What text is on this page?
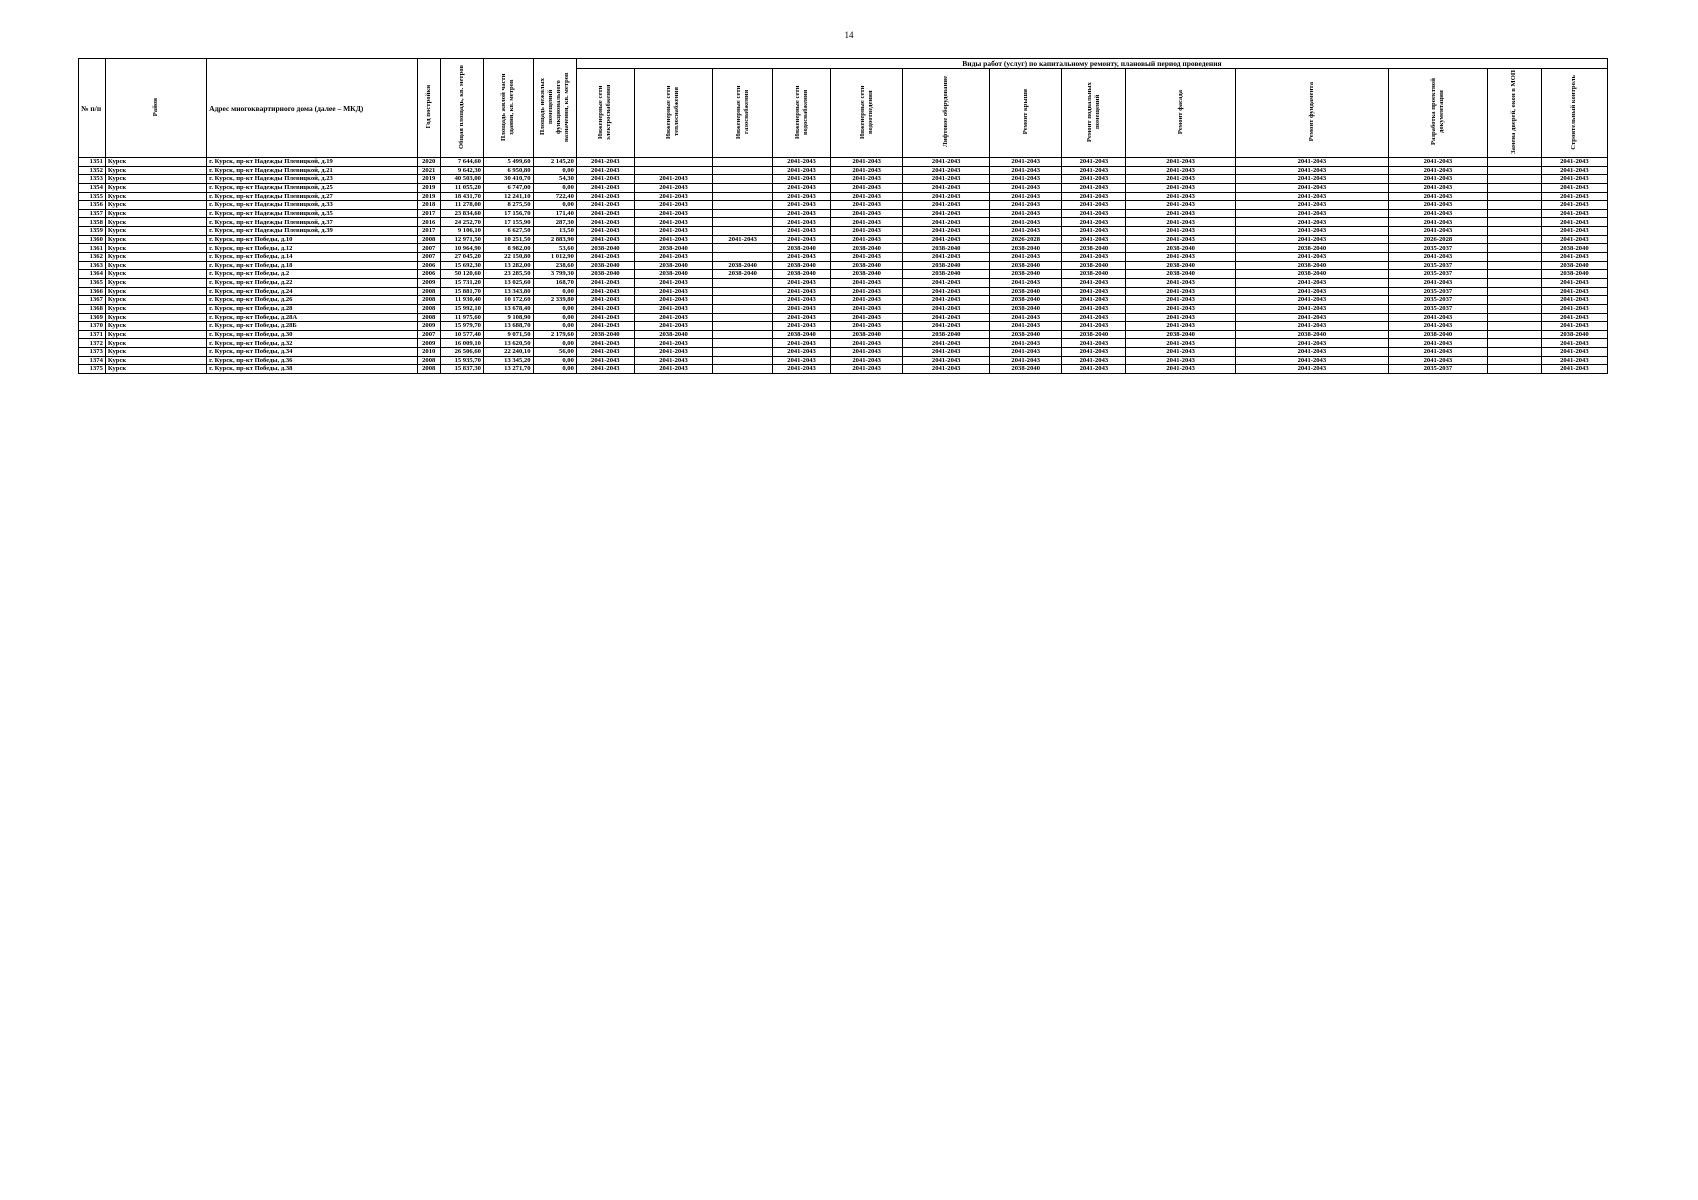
14
№ п/п	Район	Адрес многоквартирного дома (далее – МКД)	Год постройки	Общая площадь, кв. метров	Площадь жилой части здания, кв. метров	Площадь нежилых помещений функционального назначения, кв. метров	Виды работ (услуг) по капитальному ремонту, плановый период проведения												
							Инженерные сети электроснабжения	Инженерные сети теплоснабжения	Инженерные сети газоснабжения	Инженерные сети водоснабжения	Инженерные сети водоотведения	Лифтовое оборудование	Ремонт крыши	Ремонт подвальных помещений	Ремонт фасада	Ремонт фундамента	Разработка проектной документации	Замена дверей, окон в МОП	Строительный контроль
1351	Курск	г. Курск, пр-кт Надежды Плевицкой, д.19	2020	7 644,60	5 499,60	2 145,20	2041-2043			2041-2043	2041-2043	2041-2043	2041-2043	2041-2043	2041-2043	2041-2043	2041-2043		2041-2043
1352	Курск	г. Курск, пр-кт Надежды Плевицкой, д.21	2021	9 642,30	6 950,80	0,00	2041-2043			2041-2043	2041-2043	2041-2043	2041-2043	2041-2043	2041-2043	2041-2043	2041-2043		2041-2043
1353	Курск	г. Курск, пр-кт Надежды Плевицкой, д.23	2019	40 503,00	30 410,70	54,30	2041-2043	2041-2043		2041-2043	2041-2043	2041-2043	2041-2043	2041-2043	2041-2043	2041-2043	2041-2043		2041-2043
1354	Курск	г. Курск, пр-кт Надежды Плевицкой, д.25	2019	11 055,20	6 747,00	0,00	2041-2043	2041-2043		2041-2043	2041-2043	2041-2043	2041-2043	2041-2043	2041-2043	2041-2043	2041-2043		2041-2043
1355	Курск	г. Курск, пр-кт Надежды Плевицкой, д.27	2019	18 431,70	12 241,10	722,40	2041-2043	2041-2043		2041-2043	2041-2043	2041-2043	2041-2043	2041-2043	2041-2043	2041-2043	2041-2043		2041-2043
1356	Курск	г. Курск, пр-кт Надежды Плевицкой, д.33	2018	11 278,00	8 275,50	0,00	2041-2043	2041-2043		2041-2043	2041-2043	2041-2043	2041-2043	2041-2043	2041-2043	2041-2043	2041-2043		2041-2043
1357	Курск	г. Курск, пр-кт Надежды Плевицкой, д.35	2017	23 834,60	17 156,70	171,40	2041-2043	2041-2043		2041-2043	2041-2043	2041-2043	2041-2043	2041-2043	2041-2043	2041-2043	2041-2043		2041-2043
1358	Курск	г. Курск, пр-кт Надежды Плевицкой, д.37	2016	24 252,70	17 155,90	287,30	2041-2043	2041-2043		2041-2043	2041-2043	2041-2043	2041-2043	2041-2043	2041-2043	2041-2043	2041-2043		2041-2043
1359	Курск	г. Курск, пр-кт Надежды Плевицкой, д.39	2017	9 106,10	6 627,50	13,50	2041-2043	2041-2043		2041-2043	2041-2043	2041-2043	2041-2043	2041-2043	2041-2043	2041-2043	2041-2043		2041-2043
1360	Курск	г. Курск, пр-кт Победы, д.10	2008	12 971,50	10 251,50	2 883,90	2041-2043	2041-2043	2041-2043	2041-2043	2041-2043	2041-2043	2026-2028	2041-2043	2041-2043	2041-2043	2026-2028		2041-2043
1361	Курск	г. Курск, пр-кт Победы, д.12	2007	10 964,90	8 982,00	53,60	2038-2040	2038-2040		2038-2040	2038-2040	2038-2040	2038-2040	2038-2040	2038-2040	2038-2040	2035-2037		2038-2040
1362	Курск	г. Курск, пр-кт Победы, д.14	2007	27 045,20	22 150,80	1 012,90	2041-2043	2041-2043		2041-2043	2041-2043	2041-2043	2041-2043	2041-2043	2041-2043	2041-2043	2041-2043		2041-2043
1363	Курск	г. Курск, пр-кт Победы, д.18	2006	15 692,30	13 282,00	238,60	2038-2040	2038-2040	2038-2040	2038-2040	2038-2040	2038-2040	2038-2040	2038-2040	2038-2040	2038-2040	2035-2037		2038-2040
1364	Курск	г. Курск, пр-кт Победы, д.2	2006	50 120,60	23 285,50	3 799,30	2038-2040	2038-2040	2038-2040	2038-2040	2038-2040	2038-2040	2038-2040	2038-2040	2038-2040	2038-2040	2035-2037		2038-2040
1365	Курск	г. Курск, пр-кт Победы, д.22	2009	15 731,20	13 025,60	168,70	2041-2043	2041-2043		2041-2043	2041-2043	2041-2043	2041-2043	2041-2043	2041-2043	2041-2043	2041-2043		2041-2043
1366	Курск	г. Курск, пр-кт Победы, д.24	2008	15 881,70	13 343,80	0,00	2041-2043	2041-2043		2041-2043	2041-2043	2041-2043	2038-2040	2041-2043	2041-2043	2041-2043	2035-2037		2041-2043
1367	Курск	г. Курск, пр-кт Победы, д.26	2008	11 930,40	10 172,60	2 339,80	2041-2043	2041-2043		2041-2043	2041-2043	2041-2043	2038-2040	2041-2043	2041-2043	2041-2043	2035-2037		2041-2043
1368	Курск	г. Курск, пр-кт Победы, д.28	2008	15 992,10	13 678,40	0,00	2041-2043	2041-2043		2041-2043	2041-2043	2041-2043	2038-2040	2041-2043	2041-2043	2041-2043	2035-2037		2041-2043
1369	Курск	г. Курск, пр-кт Победы, д.28А	2008	11 975,60	9 108,90	0,00	2041-2043	2041-2043		2041-2043	2041-2043	2041-2043	2041-2043	2041-2043	2041-2043	2041-2043	2041-2043		2041-2043
1370	Курск	г. Курск, пр-кт Победы, д.28Б	2009	15 979,70	13 688,70	0,00	2041-2043	2041-2043		2041-2043	2041-2043	2041-2043	2041-2043	2041-2043	2041-2043	2041-2043	2041-2043		2041-2043
1371	Курск	г. Курск, пр-кт Победы, д.30	2007	10 577,40	9 071,50	2 179,60	2038-2040	2038-2040		2038-2040	2038-2040	2038-2040	2038-2040	2038-2040	2038-2040	2038-2040	2038-2040		2038-2040
1372	Курск	г. Курск, пр-кт Победы, д.32	2009	16 009,10	13 620,50	0,00	2041-2043	2041-2043		2041-2043	2041-2043	2041-2043	2041-2043	2041-2043	2041-2043	2041-2043	2041-2043		2041-2043
1373	Курск	г. Курск, пр-кт Победы, д.34	2010	26 506,60	22 240,10	56,00	2041-2043	2041-2043		2041-2043	2041-2043	2041-2043	2041-2043	2041-2043	2041-2043	2041-2043	2041-2043		2041-2043
1374	Курск	г. Курск, пр-кт Победы, д.36	2008	15 935,70	13 345,20	0,00	2041-2043	2041-2043		2041-2043	2041-2043	2041-2043	2041-2043	2041-2043	2041-2043	2041-2043	2041-2043		2041-2043
1375	Курск	г. Курск, пр-кт Победы, д.38	2008	15 837,30	13 271,70	0,00	2041-2043	2041-2043		2041-2043	2041-2043	2041-2043	2038-2040	2041-2043	2041-2043	2041-2043	2035-2037		2041-2043
